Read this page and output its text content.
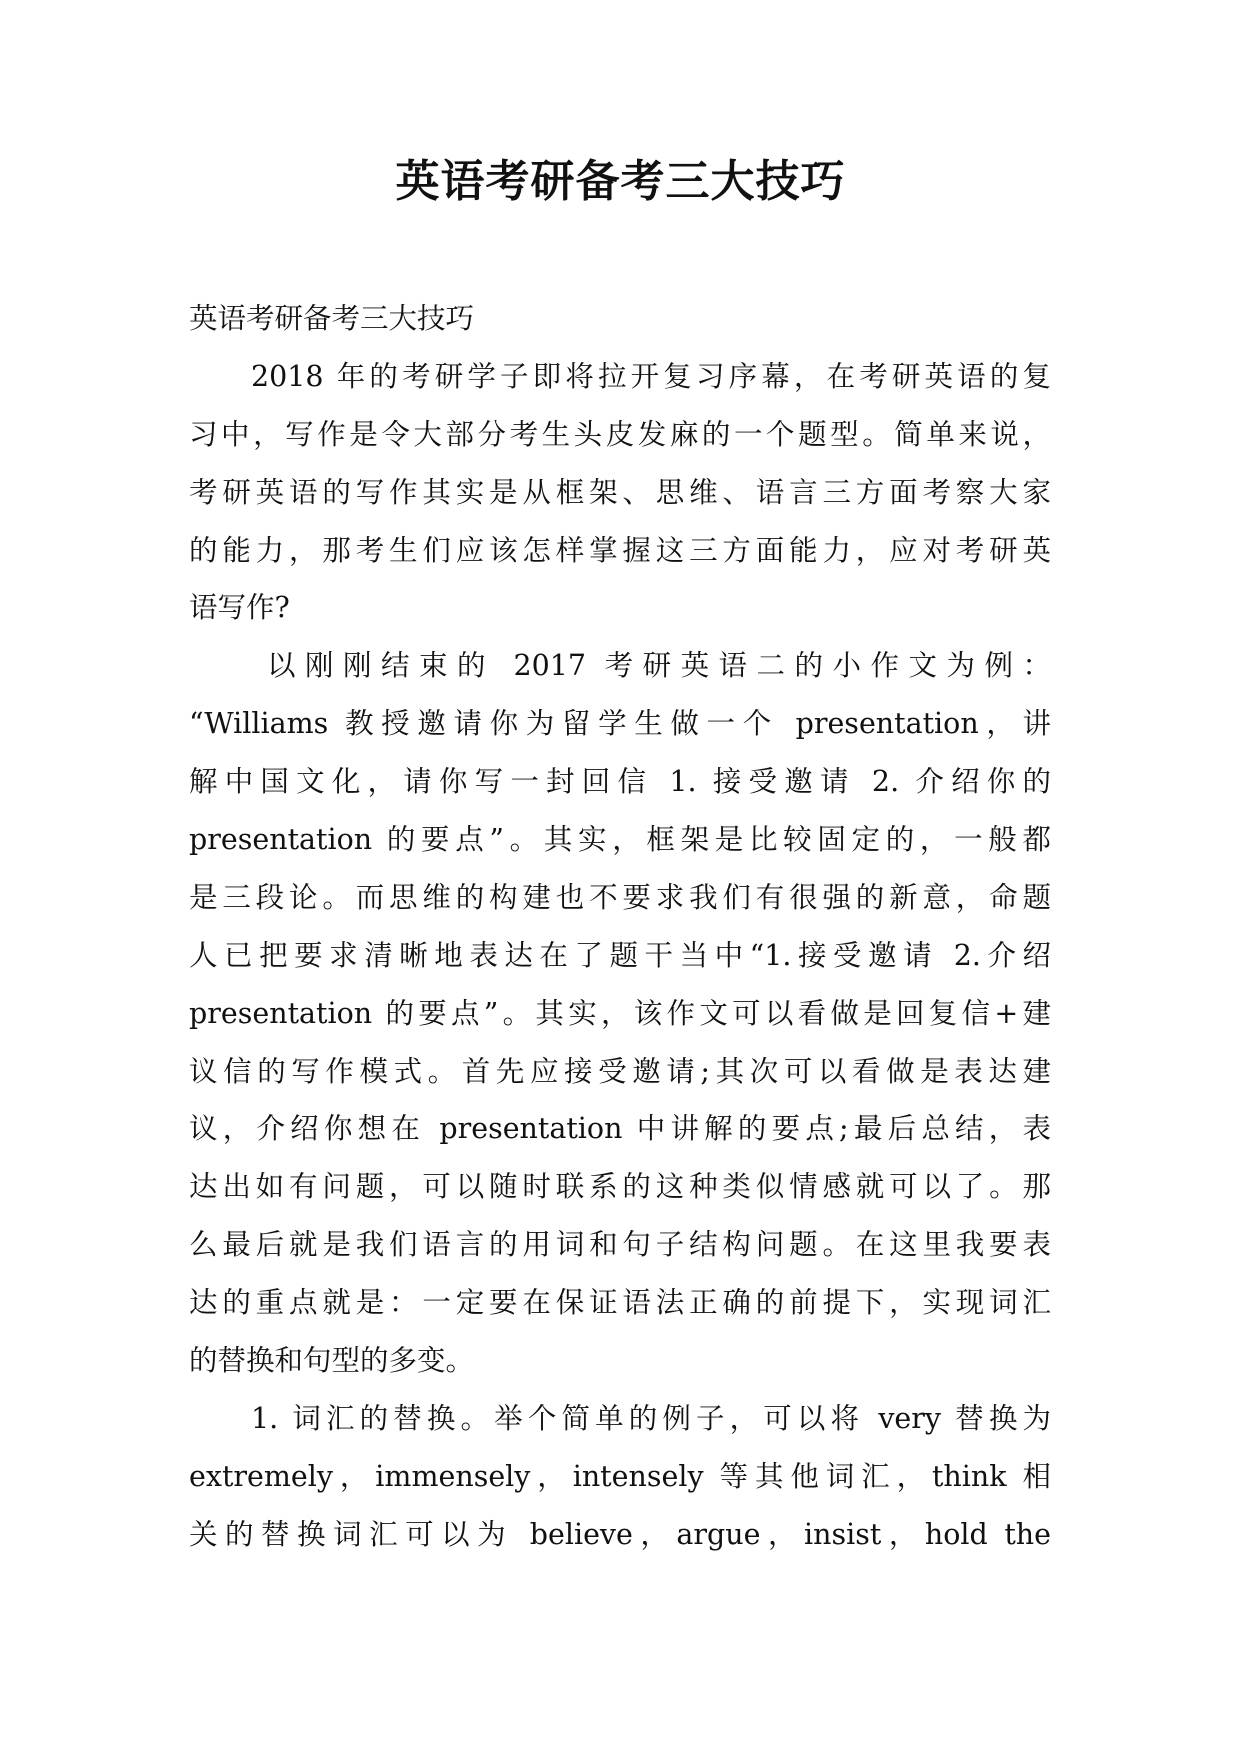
英语考研备考三大技巧
英语考研备考三大技巧
2018 年的考研学子即将拉开复习序幕，在考研英语的复
习中，写作是令大部分考生头皮发麻的一个题型。简单来说，
考研英语的写作其实是从框架、思维、语言三方面考察大家
的能力，那考生们应该怎样掌握这三方面能力，应对考研英
语写作?
以刚刚结束的 2017 考研英语二的小作文为例：
“Williams 教授邀请你为留学生做一个 presentation，讲
解中国文化，请你写一封回信 1. 接受邀请 2. 介绍你的
presentation 的要点”。其实，框架是比较固定的，一般都
是三段论。而思维的构建也不要求我们有很强的新意，命题
人已把要求清晰地表达在了题干当中“1.接受邀请 2.介绍
presentation 的要点”。其实，该作文可以看做是回复信+建
议信的写作模式。首先应接受邀请;其次可以看做是表达建
议，介绍你想在 presentation 中讲解的要点;最后总结，表
达出如有问题，可以随时联系的这种类似情感就可以了。那
么最后就是我们语言的用词和句子结构问题。在这里我要表
达的重点就是：一定要在保证语法正确的前提下，实现词汇
的替换和句型的多变。
1. 词汇的替换。举个简单的例子，可以将 very 替换为
extremely，immensely，intensely 等其他词汇，think 相
关的替换词汇可以为 believe，argue，insist，hold the
